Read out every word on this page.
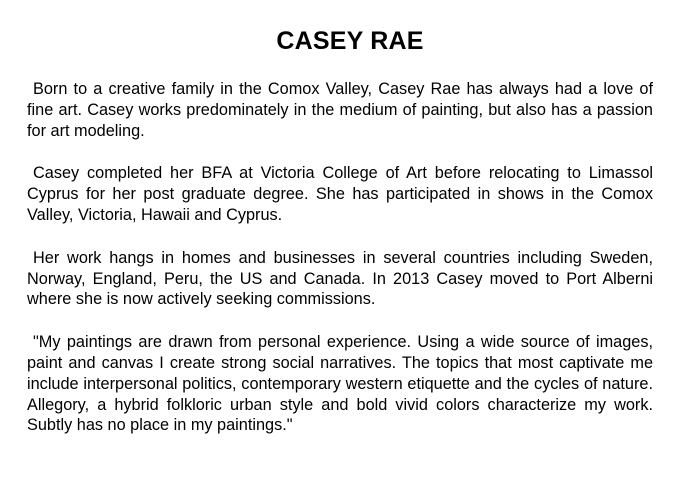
CASEY RAE

Born to a creative family in the Comox Valley, Casey Rae has always had a love of fine art. Casey works predominately in the medium of painting, but also has a passion for art modeling.

Casey completed her BFA at Victoria College of Art before relocating to Limassol Cyprus for her post graduate degree. She has participated in shows in the Comox Valley, Victoria, Hawaii and Cyprus.

Her work hangs in homes and businesses in several countries including Sweden, Norway, England, Peru, the US and Canada. In 2013 Casey moved to Port Alberni where she is now actively seeking commissions.

"My paintings are drawn from personal experience. Using a wide source of images, paint and canvas I create strong social narratives. The topics that most captivate me include interpersonal politics, contemporary western etiquette and the cycles of nature. Allegory, a hybrid folkloric urban style and bold vivid colors characterize my work. Subtly has no place in my paintings."
